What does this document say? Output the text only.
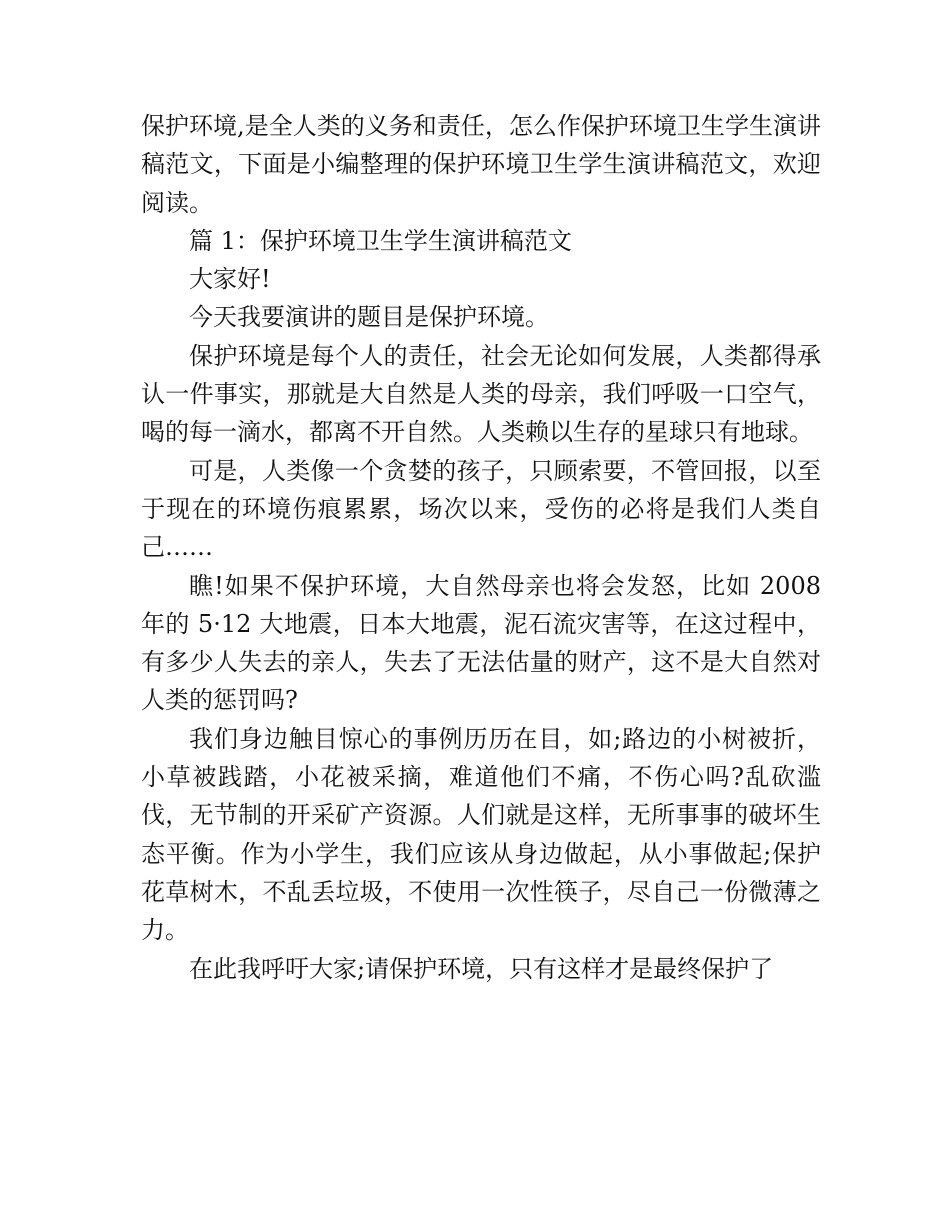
保护环境,是全人类的义务和责任，怎么作保护环境卫生学生演讲稿范文，下面是小编整理的保护环境卫生学生演讲稿范文，欢迎阅读。

篇 1：保护环境卫生学生演讲稿范文

大家好!

今天我要演讲的题目是保护环境。

保护环境是每个人的责任，社会无论如何发展，人类都得承认一件事实，那就是大自然是人类的母亲，我们呼吸一口空气，喝的每一滴水，都离不开自然。人类赖以生存的星球只有地球。

可是，人类像一个贪婪的孩子，只顾索要，不管回报，以至于现在的环境伤痕累累，场次以来，受伤的必将是我们人类自己……

瞧!如果不保护环境，大自然母亲也将会发怒，比如 2008 年的 5·12 大地震，日本大地震，泥石流灾害等，在这过程中，有多少人失去的亲人，失去了无法估量的财产，这不是大自然对人类的惩罚吗?

我们身边触目惊心的事例历历在目，如;路边的小树被折，小草被践踏，小花被采摘，难道他们不痛，不伤心吗?乱砍滥伐，无节制的开采矿产资源。人们就是这样，无所事事的破坏生态平衡。作为小学生，我们应该从身边做起，从小事做起;保护花草树木，不乱丢垃圾，不使用一次性筷子，尽自己一份微薄之力。

在此我呼吁大家;请保护环境，只有这样才是最终保护了
